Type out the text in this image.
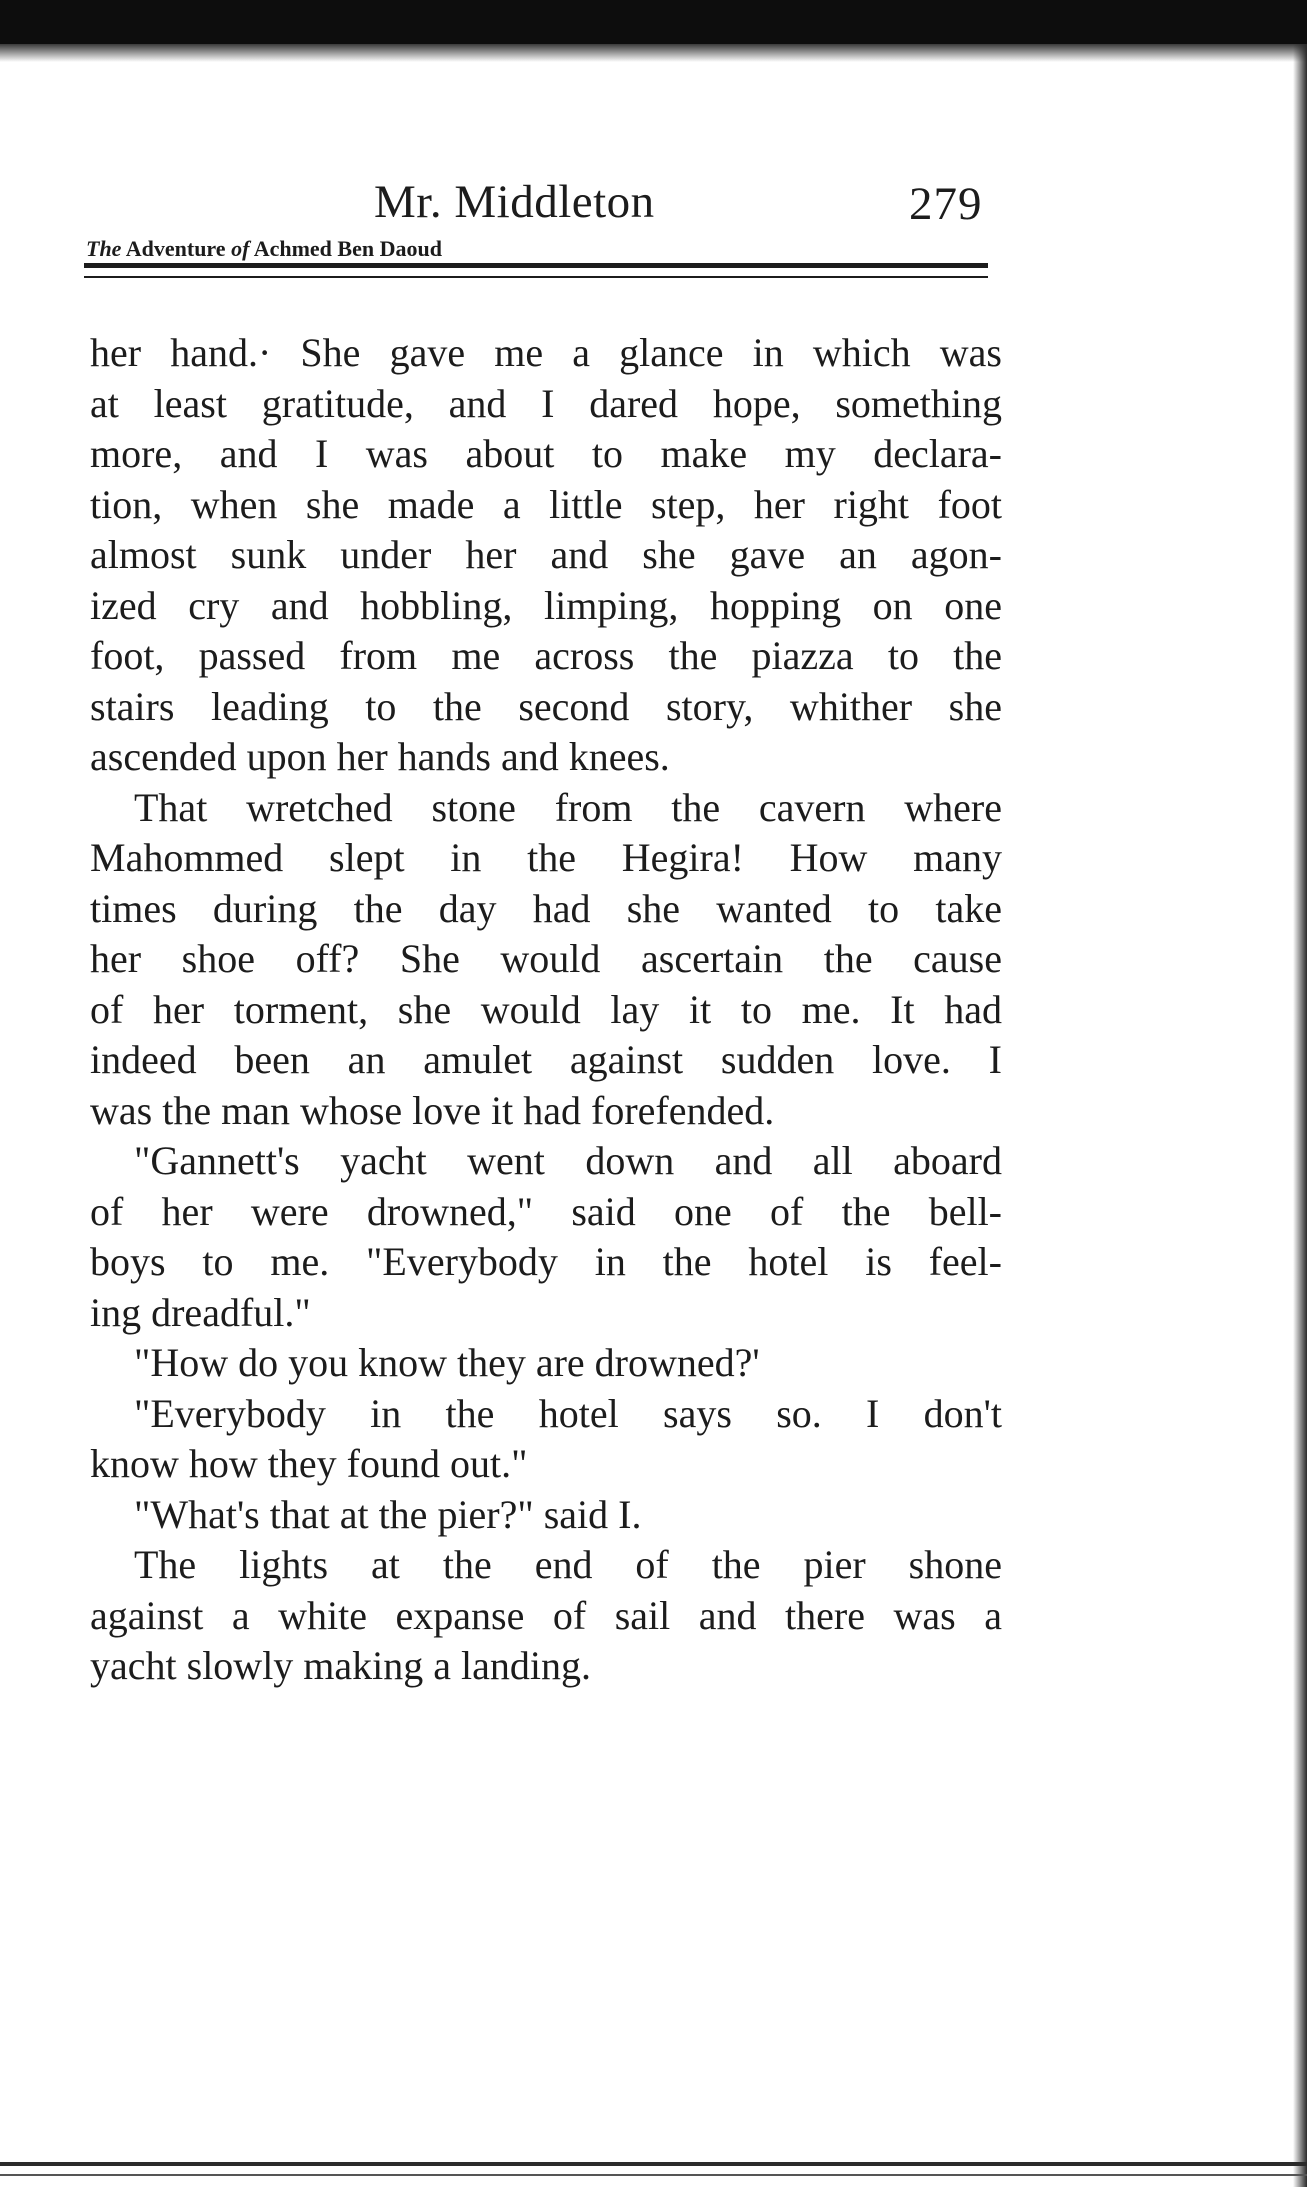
Mr. Middleton	279
The Adventure of Achmed Ben Daoud
her hand.· She gave me a glance in which was
at least gratitude, and I dared hope, something
more, and I was about to make my declara-
tion, when she made a little step, her right foot
almost sunk under her and she gave an agon-
ized cry and hobbling, limping, hopping on one
foot, passed from me across the piazza to the
stairs leading to the second story, whither she
ascended upon her hands and knees.
That wretched stone from the cavern where
Mahommed slept in the Hegira! How many
times during the day had she wanted to take
her shoe off? She would ascertain the cause
of her torment, she would lay it to me. It had
indeed been an amulet against sudden love. I
was the man whose love it had forefended.
"Gannett's yacht went down and all aboard
of her were drowned," said one of the bell-
boys to me. "Everybody in the hotel is feel-
ing dreadful."
"How do you know they are drowned?'
"Everybody in the hotel says so. I don't
know how they found out."
"What's that at the pier?" said I.
The lights at the end of the pier shone
against a white expanse of sail and there was a
yacht slowly making a landing.
